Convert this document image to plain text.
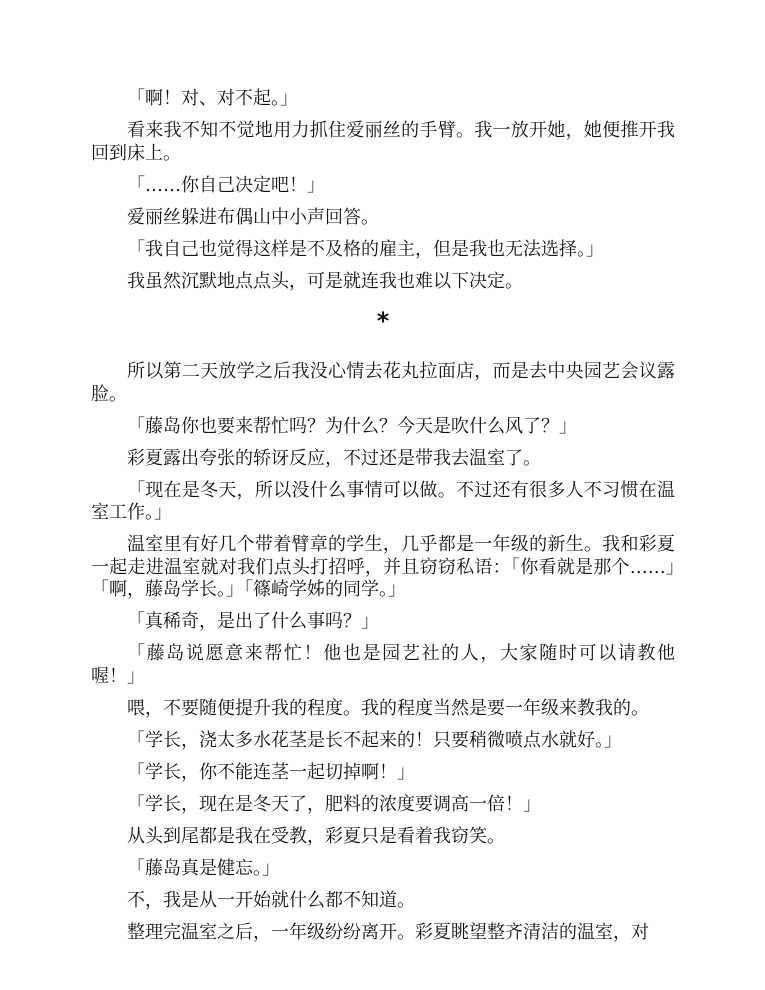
「啊！对、对不起。」

看来我不知不觉地用力抓住爱丽丝的手臂。我一放开她，她便推开我回到床上。

「……你自己决定吧！」

爱丽丝躲进布偶山中小声回答。

「我自己也觉得这样是不及格的雇主，但是我也无法选择。」

我虽然沉默地点点头，可是就连我也难以下决定。

*

所以第二天放学之后我没心情去花丸拉面店，而是去中央园艺会议露脸。

「藤岛你也要来帮忙吗？为什么？今天是吹什么风了？」

彩夏露出夸张的轿讶反应，不过还是带我去温室了。

「现在是冬天，所以没什么事情可以做。不过还有很多人不习惯在温室工作。」

温室里有好几个带着臂章的学生，几乎都是一年级的新生。我和彩夏一起走进温室就对我们点头打招呼，并且窃窃私语：「你看就是那个……」「啊，藤岛学长。」「篠崎学姊的同学。」

「真稀奇，是出了什么事吗？」

「藤岛说愿意来帮忙！他也是园艺社的人，大家随时可以请教他喔！」

喂，不要随便提升我的程度。我的程度当然是要一年级来教我的。

「学长，浇太多水花茎是长不起来的！只要稍微喷点水就好。」

「学长，你不能连茎一起切掉啊！」

「学长，现在是冬天了，肥料的浓度要调高一倍！」

从头到尾都是我在受教，彩夏只是看着我窃笑。

「藤岛真是健忘。」

不，我是从一开始就什么都不知道。

整理完温室之后，一年级纷纷离开。彩夏眺望整齐清洁的温室，对
